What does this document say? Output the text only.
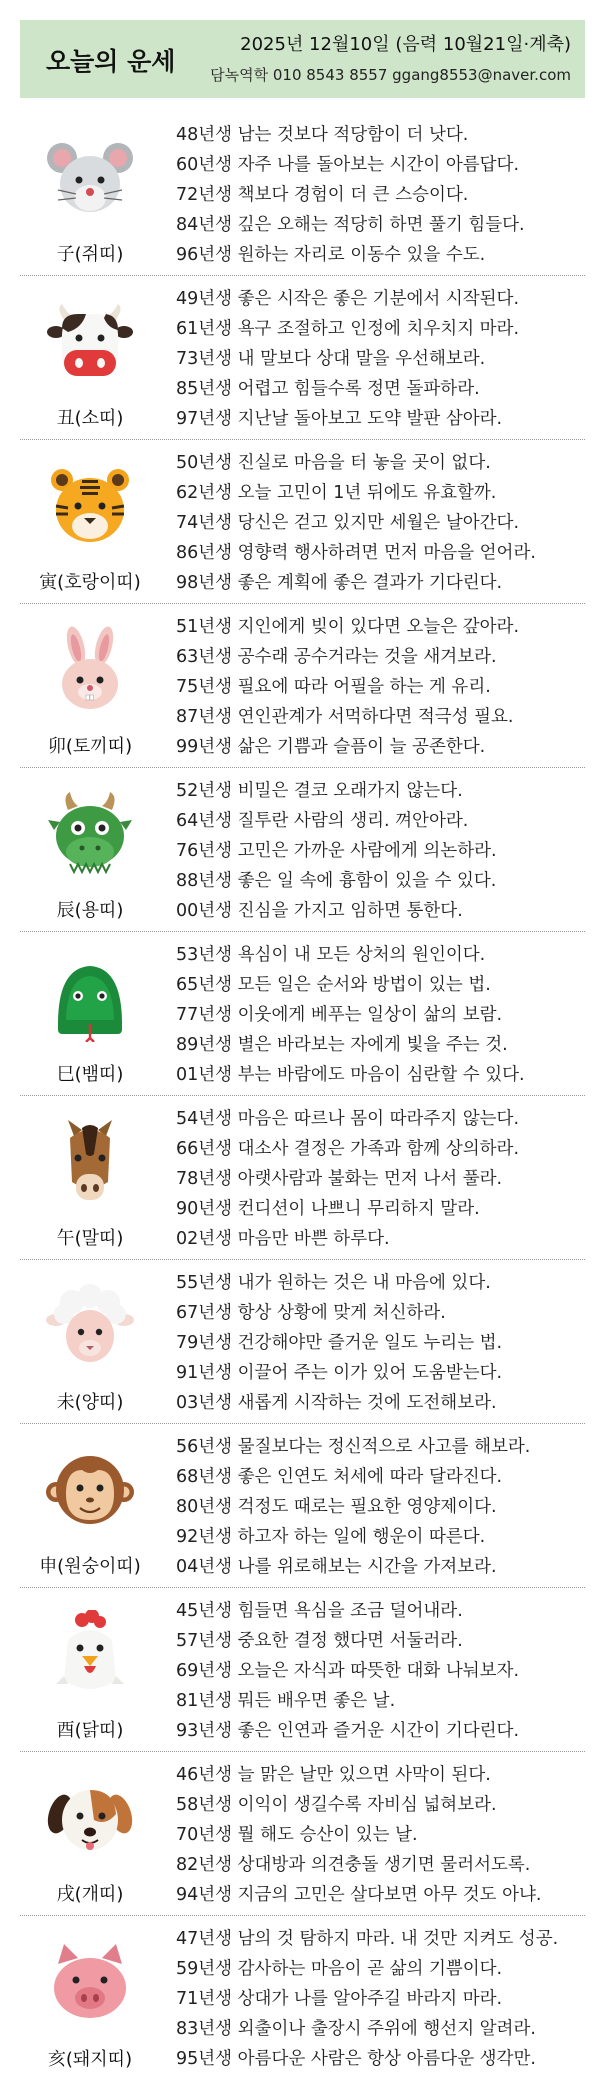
오늘의 운세
2025년 12월10일 (음력 10월21일·계축)
담녹역학 010 8543 8557 ggang8553@naver.com
子(쥐띠)
48년생 남는 것보다 적당함이 더 낫다.
60년생 자주 나를 돌아보는 시간이 아름답다.
72년생 책보다 경험이 더 큰 스승이다.
84년생 깊은 오해는 적당히 하면 풀기 힘들다.
96년생 원하는 자리로 이동수 있을 수도.
丑(소띠)
49년생 좋은 시작은 좋은 기분에서 시작된다.
61년생 욕구 조절하고 인정에 치우치지 마라.
73년생 내 말보다 상대 말을 우선해보라.
85년생 어렵고 힘들수록 정면 돌파하라.
97년생 지난날 돌아보고 도약 발판 삼아라.
寅(호랑이띠)
50년생 진실로 마음을 터 놓을 곳이 없다.
62년생 오늘 고민이 1년 뒤에도 유효할까.
74년생 당신은 걷고 있지만 세월은 날아간다.
86년생 영향력 행사하려면 먼저 마음을 얻어라.
98년생 좋은 계획에 좋은 결과가 기다린다.
卯(토끼띠)
51년생 지인에게 빚이 있다면 오늘은 갚아라.
63년생 공수래 공수거라는 것을 새겨보라.
75년생 필요에 따라 어필을 하는 게 유리.
87년생 연인관계가 서먹하다면 적극성 필요.
99년생 삶은 기쁨과 슬픔이 늘 공존한다.
辰(용띠)
52년생 비밀은 결코 오래가지 않는다.
64년생 질투란 사람의 생리. 껴안아라.
76년생 고민은 가까운 사람에게 의논하라.
88년생 좋은 일 속에 흉함이 있을 수 있다.
00년생 진심을 가지고 임하면 통한다.
巳(뱀띠)
53년생 욕심이 내 모든 상처의 원인이다.
65년생 모든 일은 순서와 방법이 있는 법.
77년생 이웃에게 베푸는 일상이 삶의 보람.
89년생 별은 바라보는 자에게 빛을 주는 것.
01년생 부는 바람에도 마음이 심란할 수 있다.
午(말띠)
54년생 마음은 따르나 몸이 따라주지 않는다.
66년생 대소사 결정은 가족과 함께 상의하라.
78년생 아랫사람과 불화는 먼저 나서 풀라.
90년생 컨디션이 나쁘니 무리하지 말라.
02년생 마음만 바쁜 하루다.
未(양띠)
55년생 내가 원하는 것은 내 마음에 있다.
67년생 항상 상황에 맞게 처신하라.
79년생 건강해야만 즐거운 일도 누리는 법.
91년생 이끌어 주는 이가 있어 도움받는다.
03년생 새롭게 시작하는 것에 도전해보라.
申(원숭이띠)
56년생 물질보다는 정신적으로 사고를 해보라.
68년생 좋은 인연도 처세에 따라 달라진다.
80년생 걱정도 때로는 필요한 영양제이다.
92년생 하고자 하는 일에 행운이 따른다.
04년생 나를 위로해보는 시간을 가져보라.
酉(닭띠)
45년생 힘들면 욕심을 조금 덜어내라.
57년생 중요한 결정 했다면 서둘러라.
69년생 오늘은 자식과 따뜻한 대화 나눠보자.
81년생 뭐든 배우면 좋은 날.
93년생 좋은 인연과 즐거운 시간이 기다린다.
戌(개띠)
46년생 늘 맑은 날만 있으면 사막이 된다.
58년생 이익이 생길수록 자비심 넓혀보라.
70년생 뭘 해도 승산이 있는 날.
82년생 상대방과 의견충돌 생기면 물러서도록.
94년생 지금의 고민은 살다보면 아무 것도 아냐.
亥(돼지띠)
47년생 남의 것 탐하지 마라. 내 것만 지켜도 성공.
59년생 감사하는 마음이 곧 삶의 기쁨이다.
71년생 상대가 나를 알아주길 바라지 마라.
83년생 외출이나 출장시 주위에 행선지 알려라.
95년생 아름다운 사람은 항상 아름다운 생각만.
